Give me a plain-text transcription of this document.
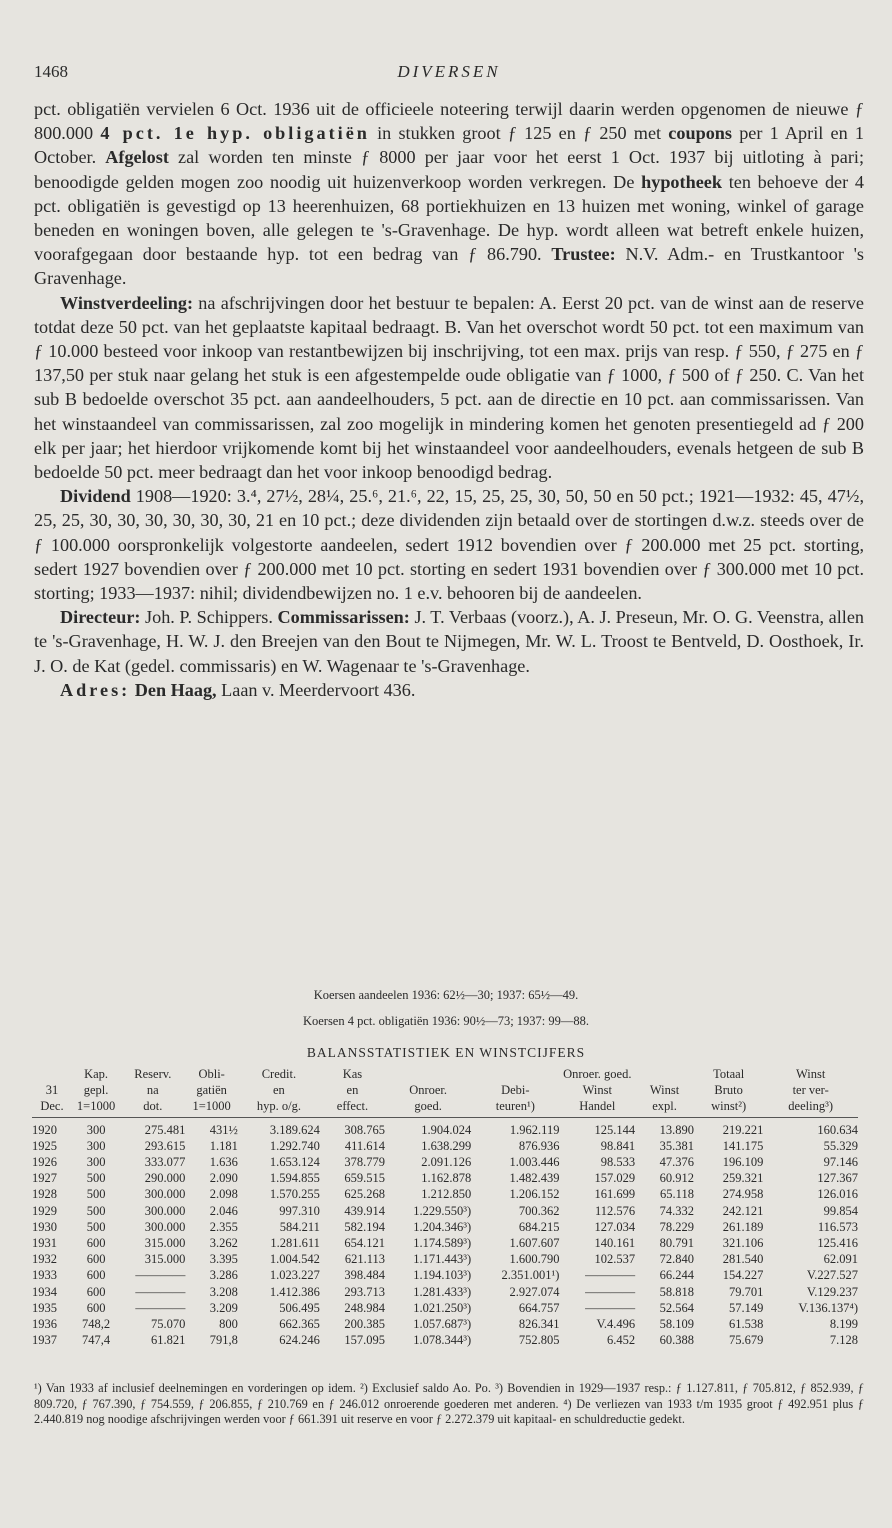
1468	DIVERSEN

pct. obligatiën vervielen 6 Oct. 1936 uit de officieele noteering terwijl daarin werden opgenomen de nieuwe ƒ 800.000 4 pct. 1e hyp. obligatiën in stukken groot ƒ 125 en ƒ 250 met coupons per 1 April en 1 October. Afgelost zal worden ten minste ƒ 8000 per jaar voor het eerst 1 Oct. 1937 bij uitloting à pari; benoodigde gelden mogen zoo noodig uit huizenverkoop worden verkregen. De hypotheek ten behoeve der 4 pct. obligatiën is gevestigd op 13 heerenhuizen, 68 portiekhuizen en 13 huizen met woning, winkel of garage beneden en woningen boven, alle gelegen te 's-Gravenhage. De hyp. wordt alleen wat betreft enkele huizen, voorafgegaan door bestaande hyp. tot een bedrag van ƒ 86.790. Trustee: N.V. Adm.- en Trustkantoor 's Gravenhage.

Winstverdeeling: na afschrijvingen door het bestuur te bepalen: A. Eerst 20 pct. van de winst aan de reserve totdat deze 50 pct. van het geplaatste kapitaal bedraagt. B. Van het overschot wordt 50 pct. tot een maximum van ƒ 10.000 besteed voor inkoop van restantbewijzen bij inschrijving, tot een max. prijs van resp. ƒ 550, ƒ 275 en ƒ 137,50 per stuk naar gelang het stuk is een afgestempelde oude obligatie van ƒ 1000, ƒ 500 of ƒ 250. C. Van het sub B bedoelde overschot 35 pct. aan aandeelhouders, 5 pct. aan de directie en 10 pct. aan commissarissen. Van het winstaandeel van commissarissen, zal zoo mogelijk in mindering komen het genoten presentiegeld ad ƒ 200 elk per jaar; het hierdoor vrijkomende komt bij het winstaandeel voor aandeelhouders, evenals hetgeen de sub B bedoelde 50 pct. meer bedraagt dan het voor inkoop benoodigd bedrag.

Dividend 1908—1920: 3.⁴, 27½, 28¼, 25.⁶, 21.⁶, 22, 15, 25, 25, 30, 50, 50 en 50 pct.; 1921—1932: 45, 47½, 25, 25, 30, 30, 30, 30, 30, 30, 21 en 10 pct.; deze dividenden zijn betaald over de stortingen d.w.z. steeds over de ƒ 100.000 oorspronkelijk volgestorte aandeelen, sedert 1912 bovendien over ƒ 200.000 met 25 pct. storting, sedert 1927 bovendien over ƒ 200.000 met 10 pct. storting en sedert 1931 bovendien over ƒ 300.000 met 10 pct. storting; 1933—1937: nihil; dividendbewijzen no. 1 e.v. behooren bij de aandeelen.

Directeur: Joh. P. Schippers. Commissarissen: J. T. Verbaas (voorz.), A. J. Preseun, Mr. O. G. Veenstra, allen te 's-Gravenhage, H. W. J. den Breejen van den Bout te Nijmegen, Mr. W. L. Troost te Bentveld, D. Oosthoek, Ir. J. O. de Kat (gedel. commissaris) en W. Wagenaar te 's-Gravenhage.

Adres: Den Haag, Laan v. Meerdervoort 436.

Koersen aandeelen 1936: 62½—30; 1937: 65½—49.
Koersen 4 pct. obligatiën 1936: 90½—73; 1937: 99—88.
BALANSSTATISTIEK EN WINSTCIJFERS
	Kap.	Reserv.	Obli-	Credit.	Kas			Onroer. goed.		Totaal	Winst
31	gepl.	na	gatiën	en	en	Onroer.	Debi-	Winst	Winst	Bruto	ter ver-
Dec.	1=1000	dot.	1=1000	hyp. o/g.	effect.	goed.	teuren¹)	Handel	expl.	winst²)	deeling³)
1920	300	275.481	431½	3.189.624	308.765	1.904.024	1.962.119	125.144	13.890	219.221	160.634
1925	300	293.615	1.181	1.292.740	411.614	1.638.299	876.936	98.841	35.381	141.175	55.329
1926	300	333.077	1.636	1.653.124	378.779	2.091.126	1.003.446	98.533	47.376	196.109	97.146
1927	500	290.000	2.090	1.594.855	659.515	1.162.878	1.482.439	157.029	60.912	259.321	127.367
1928	500	300.000	2.098	1.570.255	625.268	1.212.850	1.206.152	161.699	65.118	274.958	126.016
1929	500	300.000	2.046	997.310	439.914	1.229.550³)	700.362	112.576	74.332	242.121	99.854
1930	500	300.000	2.355	584.211	582.194	1.204.346³)	684.215	127.034	78.229	261.189	116.573
1931	600	315.000	3.262	1.281.611	654.121	1.174.589³)	1.607.607	140.161	80.791	321.106	125.416
1932	600	315.000	3.395	1.004.542	621.113	1.171.443³)	1.600.790	102.537	72.840	281.540	62.091
1933	600	————	3.286	1.023.227	398.484	1.194.103³)	2.351.001¹)	————	66.244	154.227	V.227.527
1934	600	————	3.208	1.412.386	293.713	1.281.433³)	2.927.074	————	58.818	79.701	V.129.237
1935	600	————	3.209	506.495	248.984	1.021.250³)	664.757	————	52.564	57.149	V.136.137⁴)
1936	748,2	75.070	800	662.365	200.385	1.057.687³)	826.341	V.4.496	58.109	61.538	8.199
1937	747,4	61.821	791,8	624.246	157.095	1.078.344³)	752.805	6.452	60.388	75.679	7.128
¹) Van 1933 af inclusief deelnemingen en vorderingen op idem. ²) Exclusief saldo Ao. Po. ³) Bovendien in 1929—1937 resp.: ƒ 1.127.811, ƒ 705.812, ƒ 852.939, ƒ 809.720, ƒ 767.390, ƒ 754.559, ƒ 206.855, ƒ 210.769 en ƒ 246.012 onroerende goederen met anderen. ⁴) De verliezen van 1933 t/m 1935 groot ƒ 492.951 plus ƒ 2.440.819 nog noodige afschrijvingen werden voor ƒ 661.391 uit reserve en voor ƒ 2.272.379 uit kapitaal- en schuldreductie gedekt.
